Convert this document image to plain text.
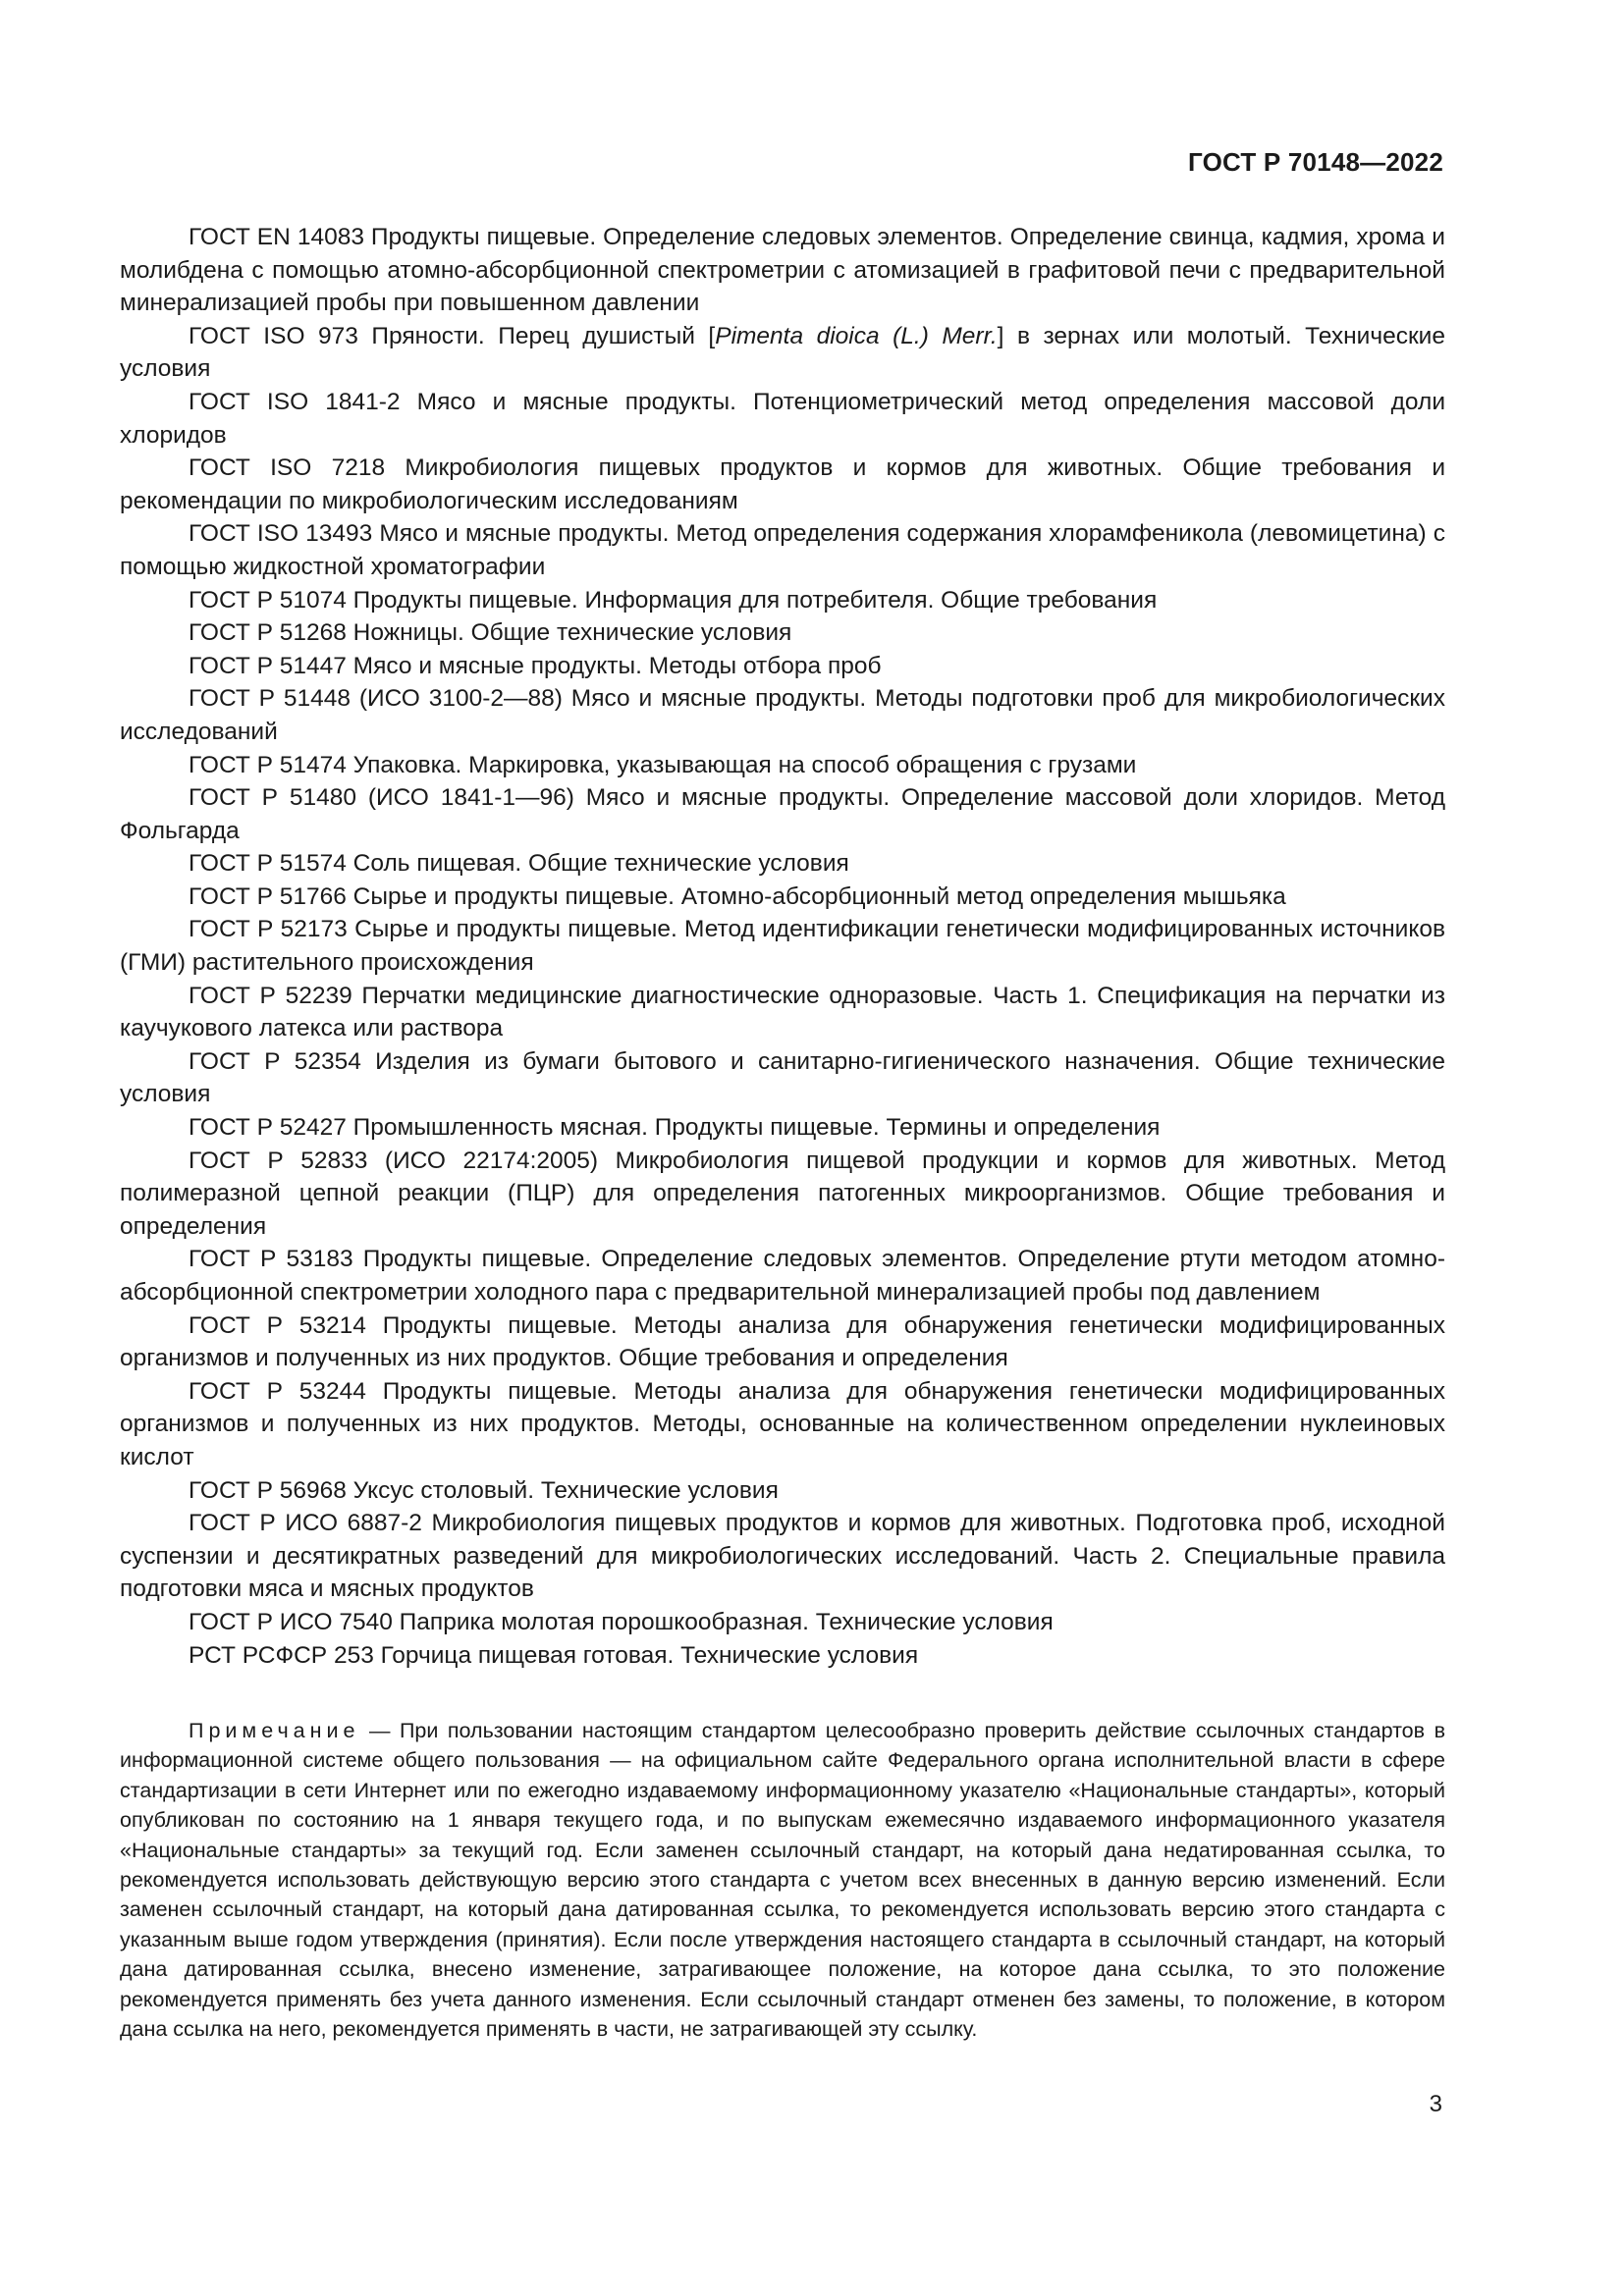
ГОСТ Р 70148—2022

ГОСТ EN 14083 Продукты пищевые. Определение следовых элементов. Определение свинца, кадмия, хрома и молибдена с помощью атомно-абсорбционной спектрометрии с атомизацией в графитовой печи с предварительной минерализацией пробы при повышенном давлении

ГОСТ ISO 973 Пряности. Перец душистый [Pimenta dioica (L.) Merr.] в зернах или молотый. Технические условия

ГОСТ ISO 1841-2 Мясо и мясные продукты. Потенциометрический метод определения массовой доли хлоридов

ГОСТ ISO 7218 Микробиология пищевых продуктов и кормов для животных. Общие требования и рекомендации по микробиологическим исследованиям

ГОСТ ISO 13493 Мясо и мясные продукты. Метод определения содержания хлорамфеникола (левомицетина) с помощью жидкостной хроматографии

ГОСТ Р 51074 Продукты пищевые. Информация для потребителя. Общие требования

ГОСТ Р 51268 Ножницы. Общие технические условия

ГОСТ Р 51447 Мясо и мясные продукты. Методы отбора проб

ГОСТ Р 51448 (ИСО 3100-2—88) Мясо и мясные продукты. Методы подготовки проб для микробиологических исследований

ГОСТ Р 51474 Упаковка. Маркировка, указывающая на способ обращения с грузами

ГОСТ Р 51480 (ИСО 1841-1—96) Мясо и мясные продукты. Определение массовой доли хлоридов. Метод Фольгарда

ГОСТ Р 51574 Соль пищевая. Общие технические условия

ГОСТ Р 51766 Сырье и продукты пищевые. Атомно-абсорбционный метод определения мышьяка

ГОСТ Р 52173 Сырье и продукты пищевые. Метод идентификации генетически модифицированных источников (ГМИ) растительного происхождения

ГОСТ Р 52239 Перчатки медицинские диагностические одноразовые. Часть 1. Спецификация на перчатки из каучукового латекса или раствора

ГОСТ Р 52354 Изделия из бумаги бытового и санитарно-гигиенического назначения. Общие технические условия

ГОСТ Р 52427 Промышленность мясная. Продукты пищевые. Термины и определения

ГОСТ Р 52833 (ИСО 22174:2005) Микробиология пищевой продукции и кормов для животных. Метод полимеразной цепной реакции (ПЦР) для определения патогенных микроорганизмов. Общие требования и определения

ГОСТ Р 53183 Продукты пищевые. Определение следовых элементов. Определение ртути методом атомно-абсорбционной спектрометрии холодного пара с предварительной минерализацией пробы под давлением

ГОСТ Р 53214 Продукты пищевые. Методы анализа для обнаружения генетически модифицированных организмов и полученных из них продуктов. Общие требования и определения

ГОСТ Р 53244 Продукты пищевые. Методы анализа для обнаружения генетически модифицированных организмов и полученных из них продуктов. Методы, основанные на количественном определении нуклеиновых кислот

ГОСТ Р 56968 Уксус столовый. Технические условия

ГОСТ Р ИСО 6887-2 Микробиология пищевых продуктов и кормов для животных. Подготовка проб, исходной суспензии и десятикратных разведений для микробиологических исследований. Часть 2. Специальные правила подготовки мяса и мясных продуктов

ГОСТ Р ИСО 7540 Паприка молотая порошкообразная. Технические условия

РСТ РСФСР 253 Горчица пищевая готовая. Технические условия

Примечание — При пользовании настоящим стандартом целесообразно проверить действие ссылочных стандартов в информационной системе общего пользования — на официальном сайте Федерального органа исполнительной власти в сфере стандартизации в сети Интернет или по ежегодно издаваемому информационному указателю «Национальные стандарты», который опубликован по состоянию на 1 января текущего года, и по выпускам ежемесячно издаваемого информационного указателя «Национальные стандарты» за текущий год. Если заменен ссылочный стандарт, на который дана недатированная ссылка, то рекомендуется использовать действующую версию этого стандарта с учетом всех внесенных в данную версию изменений. Если заменен ссылочный стандарт, на который дана датированная ссылка, то рекомендуется использовать версию этого стандарта с указанным выше годом утверждения (принятия). Если после утверждения настоящего стандарта в ссылочный стандарт, на который дана датированная ссылка, внесено изменение, затрагивающее положение, на которое дана ссылка, то это положение рекомендуется применять без учета данного изменения. Если ссылочный стандарт отменен без замены, то положение, в котором дана ссылка на него, рекомендуется применять в части, не затрагивающей эту ссылку.
3
